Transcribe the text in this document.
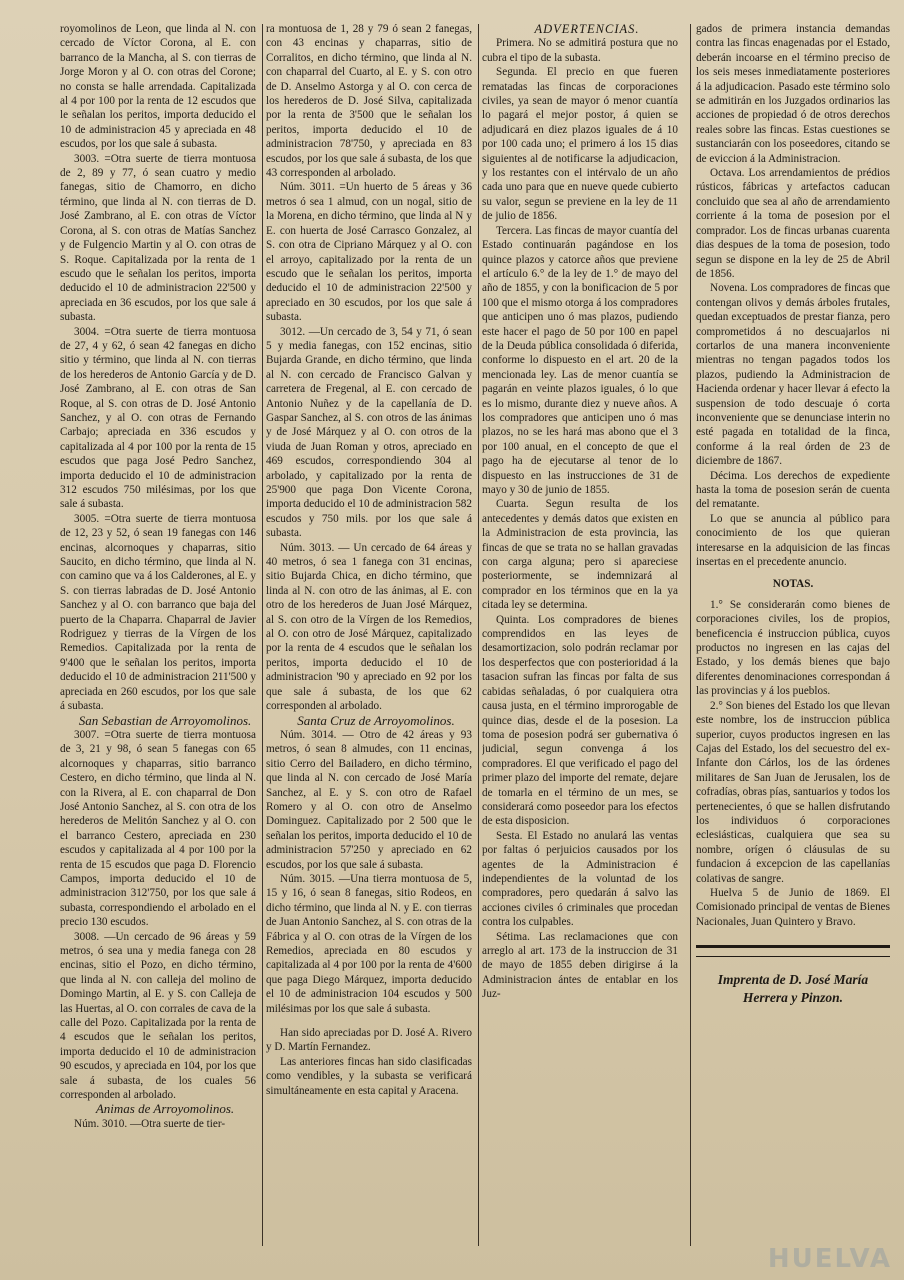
royomolinos de Leon, que linda al N. con cercado de Víctor Corona, al E. con barranco de la Mancha, al S. con tierras de Jorge Moron y al O. con otras del Corone; no consta se halle arrendada. Capitalizada al 4 por 100 por la renta de 12 escudos que le señalan los peritos, importa deducido el 10 de administracion 45 y apreciada en 48 escudos, por los que sale á subasta.

3003. =Otra suerte de tierra montuosa de 2, 89 y 77, ó sean cuatro y medio fanegas, sitio de Chamorro, en dicho término, que linda al N. con tierras de D. José Zambrano, al E. con otras de Víctor Corona, al S. con otras de Matías Sanchez y de Fulgencio Martin y al O. con otras de S. Roque. Capitalizada por la renta de 1 escudo que le señalan los peritos, importa deducido el 10 de administracion 22'500 y apreciada en 36 escudos, por los que sale á subasta.

3004. =Otra suerte de tierra montuosa de 27, 4 y 62, ó sean 42 fanegas en dicho sitio y término, que linda al N. con tierras de los herederos de Antonio García y de D. José Zambrano, al E. con otras de San Roque, al S. con otras de D. José Antonio Sanchez, y al O. con otras de Fernando Carbajo; apreciada en 336 escudos y capitalizada al 4 por 100 por la renta de 15 escudos que paga José Pedro Sanchez, importa deducido el 10 de administracion 312 escudos 750 milésimas, por los que sale á subasta.

3005. =Otra suerte de tierra montuosa de 12, 23 y 52, ó sean 19 fanegas con 146 encinas, alcornoques y chaparras, sitio Saucito, en dicho término, que linda al N. con camino que va á los Calderones, al E. y S. con tierras labradas de D. José Antonio Sanchez y al O. con barranco que baja del puerto de la Chaparra. Chaparral de Javier Rodriguez y tierras de la Vírgen de los Remedios. Capitalizada por la renta de 9'400 que le señalan los peritos, importa deducido el 10 de administracion 211'500 y apreciada en 260 escudos, por los que sale á subasta.

San Sebastian de Arroyomolinos.

3007. =Otra suerte de tierra montuosa de 3, 21 y 98, ó sean 5 fanegas con 65 alcornoques y chaparras, sitio barranco Cestero, en dicho término, que linda al N. con la Rivera, al E. con chaparral de Don José Antonio Sanchez, al S. con otra de los herederos de Melitón Sanchez y al O. con el barranco Cestero, apreciada en 230 escudos y capitalizada al 4 por 100 por la renta de 15 escudos que paga D. Florencio Campos, importa deducido el 10 de administracion 312'750, por los que sale á subasta, correspondiendo el arbolado en el precio 130 escudos.

3008. —Un cercado de 96 áreas y 59 metros, ó sea una y media fanega con 28 encinas, sitio el Pozo, en dicho término, que linda al N. con calleja del molino de Domingo Martin, al E. y S. con Calleja de las Huertas, al O. con corrales de cava de la calle del Pozo. Capitalizada por la renta de 4 escudos que le señalan los peritos, importa deducido el 10 de administracion 90 escudos, y apreciada en 104, por los que sale á subasta, de los cuales 56 corresponden al arbolado.

Animas de Arroyomolinos.

Núm. 3010. —Otra suerte de tier-

ra montuosa de 1, 28 y 79 ó sean 2 fanegas, con 43 encinas y chaparras, sitio de Corralitos, en dicho término, que linda al N. con chaparral del Cuarto, al E. y S. con otro de D. Anselmo Astorga y al O. con cerca de los herederos de D. José Silva, capitalizada por la renta de 3'500 que le señalan los peritos, importa deducido el 10 de administracion 78'750, y apreciada en 83 escudos, por los que sale á subasta, de los que 43 corresponden al arbolado.

Núm. 3011. =Un huerto de 5 áreas y 36 metros ó sea 1 almud, con un nogal, sitio de la Morena, en dicho término, que linda al N y E. con huerta de José Carrasco Gonzalez, al S. con otra de Cipriano Márquez y al O. con el arroyo, capitalizado por la renta de un escudo que le señalan los peritos, importa deducido el 10 de administracion 22'500 y apreciado en 30 escudos, por los que sale á subasta.

3012. —Un cercado de 3, 54 y 71, ó sean 5 y media fanegas, con 152 encinas, sitio Bujarda Grande, en dicho término, que linda al N. con cercado de Francisco Galvan y carretera de Fregenal, al E. con cercado de Antonio Nuñez y de la capellanía de D. Gaspar Sanchez, al S. con otros de las ánimas y de José Márquez y al O. con otros de la viuda de Juan Roman y otros, apreciado en 469 escudos, correspondiendo 304 al arbolado, y capitalizado por la renta de 25'900 que paga Don Vicente Corona, importa deducido el 10 de administracion 582 escudos y 750 mils. por los que sale á subasta.

Núm. 3013. — Un cercado de 64 áreas y 40 metros, ó sea 1 fanega con 31 encinas, sitio Bujarda Chica, en dicho término, que linda al N. con otro de las ánimas, al E. con otro de los herederos de Juan José Márquez, al S. con otro de la Vírgen de los Remedios, al O. con otro de José Márquez, capitalizado por la renta de 4 escudos que le señalan los peritos, importa deducido el 10 de administracion '90 y apreciado en 92 por los que sale á subasta, de los que 62 corresponden al arbolado.

Santa Cruz de Arroyomolinos.

Núm. 3014. — Otro de 42 áreas y 93 metros, ó sean 8 almudes, con 11 encinas, sitio Cerro del Bailadero, en dicho término, que linda al N. con cercado de José María Sanchez, al E. y S. con otro de Rafael Romero y al O. con otro de Anselmo Dominguez. Capitalizado por 2 500 que le señalan los peritos, importa deducido el 10 de administracion 57'250 y apreciado en 62 escudos, por los que sale á subasta.

Núm. 3015. —Una tierra montuosa de 5, 15 y 16, ó sean 8 fanegas, sitio Rodeos, en dicho término, que linda al N. y E. con tierras de Juan Antonio Sanchez, al S. con otras de la Fábrica y al O. con otras de la Vírgen de los Remedios, apreciada en 80 escudos y capitalizada al 4 por 100 por la renta de 4'600 que paga Diego Márquez, importa deducido el 10 de administracion 104 escudos y 500 milésimas por los que sale á subasta.

Han sido apreciadas por D. José A. Rivero y D. Martín Fernandez.

Las anteriores fincas han sido clasificadas como vendibles, y la subasta se verificará simultáneamente en esta capital y Aracena.

ADVERTENCIAS.

Primera. No se admitirá postura que no cubra el tipo de la subasta.

Segunda. El precio en que fueren rematadas las fincas de corporaciones civiles, ya sean de mayor ó menor cuantía lo pagará el mejor postor, á quien se adjudicará en diez plazos iguales de á 10 por 100 cada uno; el primero á los 15 dias siguientes al de notificarse la adjudicacion, y los restantes con el intérvalo de un año cada uno para que en nueve quede cubierto su valor, segun se previene en la ley de 11 de julio de 1856.

Tercera. Las fincas de mayor cuantía del Estado continuarán pagándose en los quince plazos y catorce años que previene el artículo 6.° de la ley de 1.° de mayo del año de 1855, y con la bonificacion de 5 por 100 que el mismo otorga á los compradores que anticipen uno ó mas plazos, pudiendo este hacer el pago de 50 por 100 en papel de la Deuda pública consolidada ó diferida, conforme lo dispuesto en el art. 20 de la mencionada ley. Las de menor cuantía se pagarán en veinte plazos iguales, ó lo que es lo mismo, durante diez y nueve años. A los compradores que anticipen uno ó mas plazos, no se les hará mas abono que el 3 por 100 anual, en el concepto de que el pago ha de ejecutarse al tenor de lo dispuesto en las instrucciones de 31 de mayo y 30 de junio de 1855.

Cuarta. Segun resulta de los antecedentes y demás datos que existen en la Administracion de esta provincia, las fincas de que se trata no se hallan gravadas con carga alguna; pero si apareciese posteriormente, se indemnizará al comprador en los términos que en la ya citada ley se determina.

Quinta. Los compradores de bienes comprendidos en las leyes de desamortizacion, solo podrán reclamar por los desperfectos que con posterioridad á la tasacion sufran las fincas por falta de sus cabidas señaladas, ó por cualquiera otra causa justa, en el término improrogable de quince dias, desde el de la posesion. La toma de posesion podrá ser gubernativa ó judicial, segun convenga á los compradores. El que verificado el pago del primer plazo del importe del remate, dejare de tomarla en el término de un mes, se considerará como poseedor para los efectos de esta disposicion.

Sesta. El Estado no anulará las ventas por faltas ó perjuicios causados por los agentes de la Administracion é independientes de la voluntad de los compradores, pero quedarán á salvo las acciones civiles ó criminales que procedan contra los culpables.

Sétima. Las reclamaciones que con arreglo al art. 173 de la instruccion de 31 de mayo de 1855 deben dirigirse á la Administracion ántes de entablar en los Juz-

gados de primera instancia demandas contra las fincas enagenadas por el Estado, deberán incoarse en el término preciso de los seis meses inmediatamente posteriores á la adjudicacion. Pasado este término solo se admitirán en los Juzgados ordinarios las acciones de propiedad ó de otros derechos reales sobre las fincas. Estas cuestiones se sustanciarán con los poseedores, citando se de eviccion á la Administracion.

Octava. Los arrendamientos de prédios rústicos, fábricas y artefactos caducan concluido que sea al año de arrendamiento corriente á la toma de posesion por el comprador. Los de fincas urbanas cuarenta dias despues de la toma de posesion, todo segun se dispone en la ley de 25 de Abril de 1856.

Novena. Los compradores de fincas que contengan olivos y demás árboles frutales, quedan exceptuados de prestar fianza, pero comprometidos á no descuajarlos ni cortarlos de una manera inconveniente mientras no tengan pagados todos los plazos, pudiendo la Administracion de Hacienda ordenar y hacer llevar á efecto la suspension de todo descuaje ó corta inconveniente que se denunciase interin no esté pagada en totalidad de la finca, conforme á la real órden de 23 de diciembre de 1867.

Décima. Los derechos de expediente hasta la toma de posesion serán de cuenta del rematante.

Lo que se anuncia al público para conocimiento de los que quieran interesarse en la adquisicion de las fincas insertas en el precedente anuncio.

NOTAS.

1.° Se considerarán como bienes de corporaciones civiles, los de propios, beneficencia é instruccion pública, cuyos productos no ingresen en las cajas del Estado, y los demás bienes que bajo diferentes denominaciones correspondan á las provincias y á los pueblos.

2.° Son bienes del Estado los que llevan este nombre, los de instruccion pública superior, cuyos productos ingresen en las Cajas del Estado, los del secuestro del ex-Infante don Cárlos, los de las órdenes militares de San Juan de Jerusalen, los de cofradías, obras pías, santuarios y todos los pertenecientes, ó que se hallen disfrutando los individuos ó corporaciones eclesiásticas, cualquiera que sea su nombre, orígen ó cláusulas de su fundacion á excepcion de las capellanías colativas de sangre.

Huelva 5 de Junio de 1869. El Comisionado principal de ventas de Bienes Nacionales, Juan Quintero y Bravo.

Imprenta de D. José María
Herrera y Pinzon.
HUELVA
